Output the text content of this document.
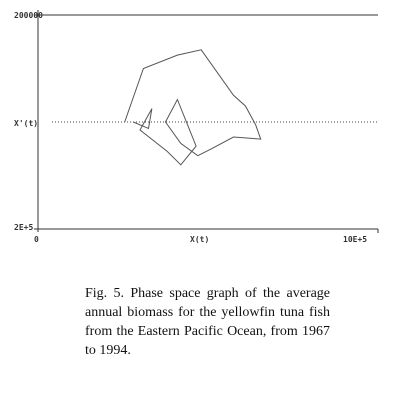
200000
X'(t)
2E+5
0	X(t)	10E+5

Fig. 5. Phase space graph of the average annual biomass for the yellowfin tuna fish from the Eastern Pacific Ocean, from 1967 to 1994.
